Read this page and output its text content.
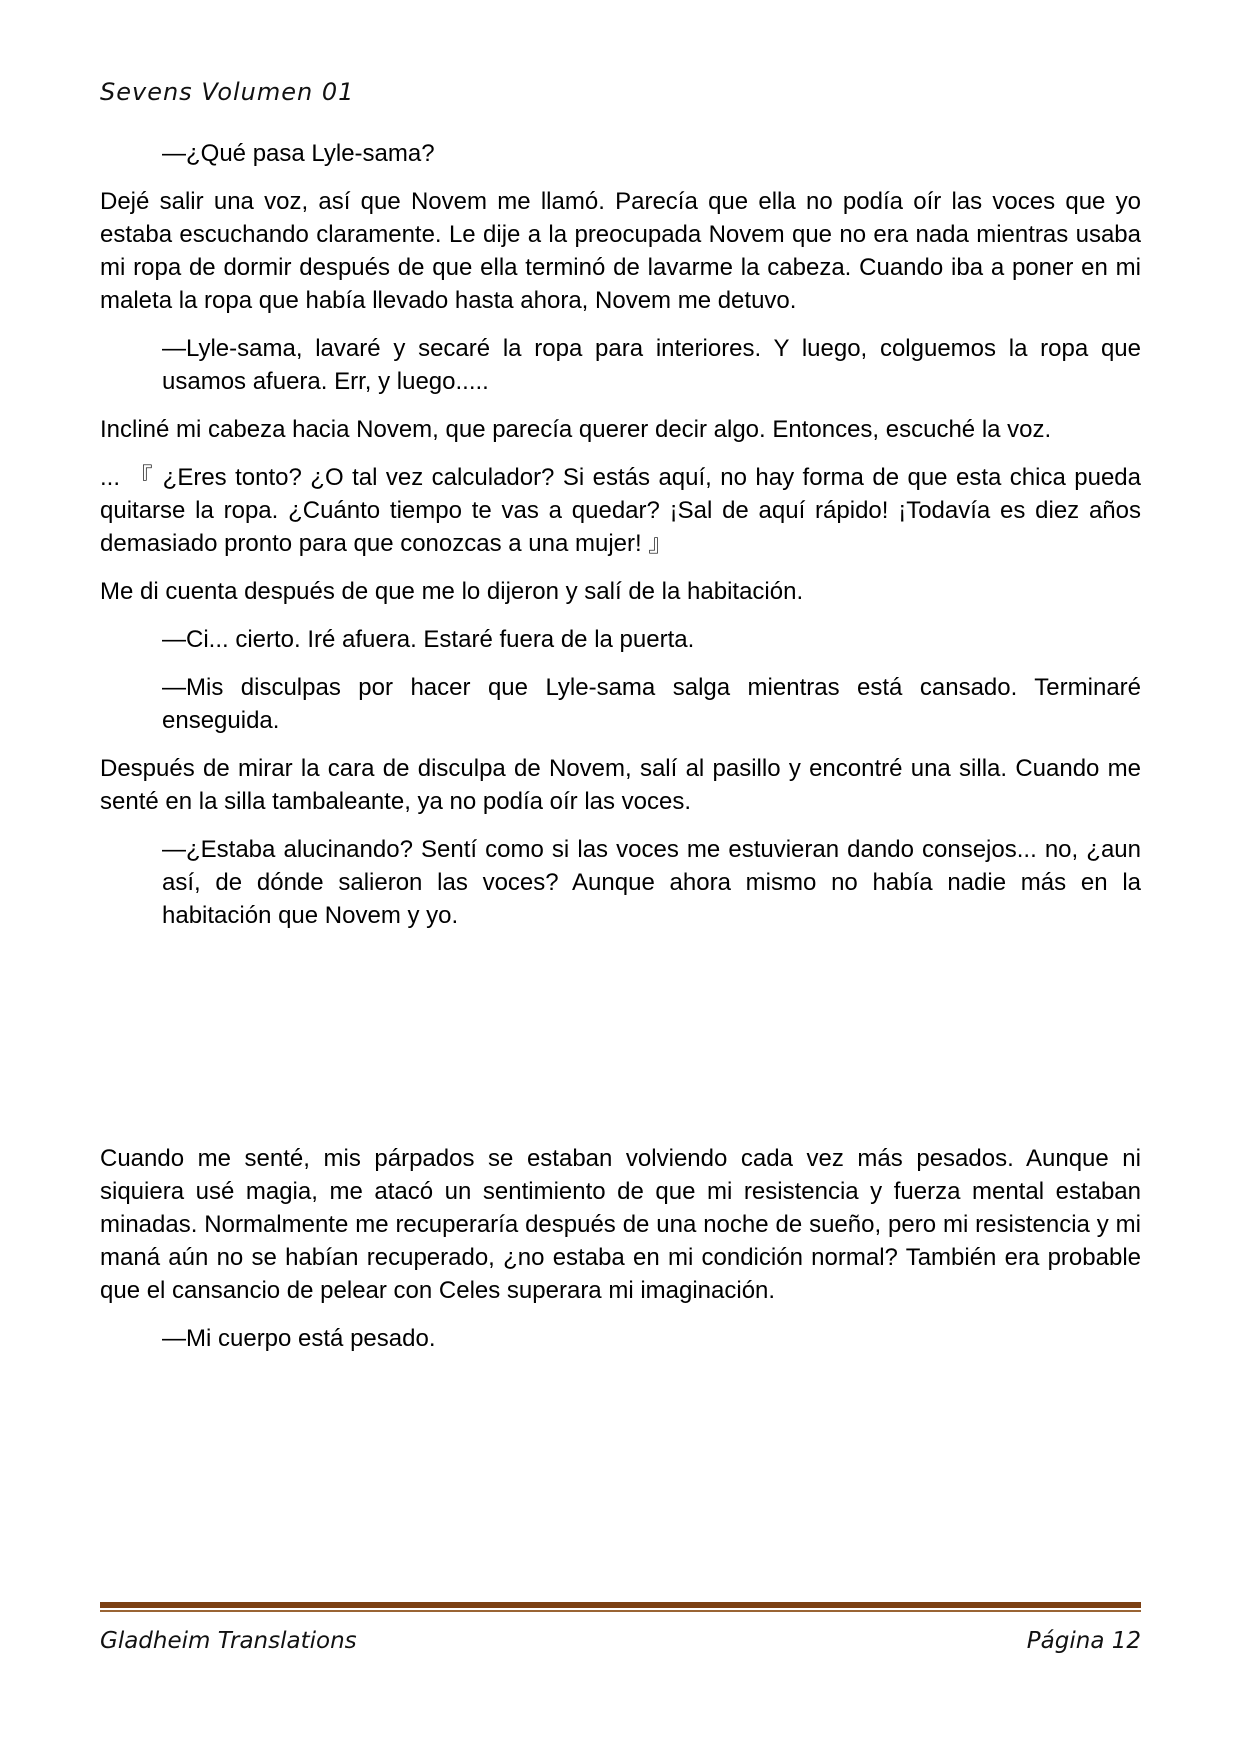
Sevens Volumen 01

—¿Qué pasa Lyle-sama?

Dejé salir una voz, así que Novem me llamó. Parecía que ella no podía oír las voces que yo estaba escuchando claramente. Le dije a la preocupada Novem que no era nada mientras usaba mi ropa de dormir después de que ella terminó de lavarme la cabeza. Cuando iba a poner en mi maleta la ropa que había llevado hasta ahora, Novem me detuvo.

—Lyle-sama, lavaré y secaré la ropa para interiores. Y luego, colguemos la ropa que usamos afuera. Err, y luego.....

Incliné mi cabeza hacia Novem, que parecía querer decir algo. Entonces, escuché la voz.

... 『 ¿Eres tonto? ¿O tal vez calculador? Si estás aquí, no hay forma de que esta chica pueda quitarse la ropa. ¿Cuánto tiempo te vas a quedar? ¡Sal de aquí rápido! ¡Todavía es diez años demasiado pronto para que conozcas a una mujer! 』

Me di cuenta después de que me lo dijeron y salí de la habitación.

—Ci... cierto. Iré afuera. Estaré fuera de la puerta.

—Mis disculpas por hacer que Lyle-sama salga mientras está cansado. Terminaré enseguida.

Después de mirar la cara de disculpa de Novem, salí al pasillo y encontré una silla. Cuando me senté en la silla tambaleante, ya no podía oír las voces.

—¿Estaba alucinando? Sentí como si las voces me estuvieran dando consejos... no, ¿aun así, de dónde salieron las voces? Aunque ahora mismo no había nadie más en la habitación que Novem y yo.

Cuando me senté, mis párpados se estaban volviendo cada vez más pesados. Aunque ni siquiera usé magia, me atacó un sentimiento de que mi resistencia y fuerza mental estaban minadas. Normalmente me recuperaría después de una noche de sueño, pero mi resistencia y mi maná aún no se habían recuperado, ¿no estaba en mi condición normal? También era probable que el cansancio de pelear con Celes superara mi imaginación.

—Mi cuerpo está pesado.

Gladheim Translations	Página 12
